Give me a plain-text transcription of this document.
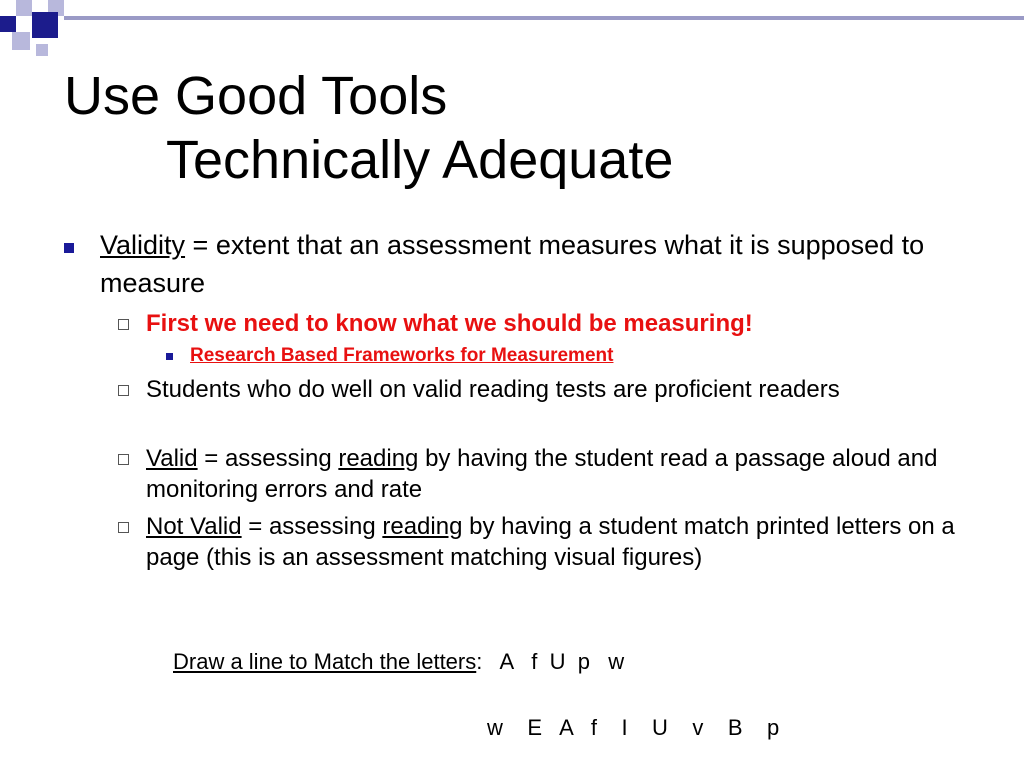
Use Good Tools
Technically Adequate
Validity = extent that an assessment measures what it is supposed to measure
First we need to know what we should be measuring!
Research Based Frameworks for Measurement
Students who do well on valid reading tests are proficient readers
Valid = assessing reading by having the student read a passage aloud and monitoring errors and rate
Not Valid = assessing reading by having a student match printed letters on a page (this is an assessment matching visual figures)
Draw a line to Match the letters:   A   f  U  p   w
w    E   A   f    I    U    v    B    p
